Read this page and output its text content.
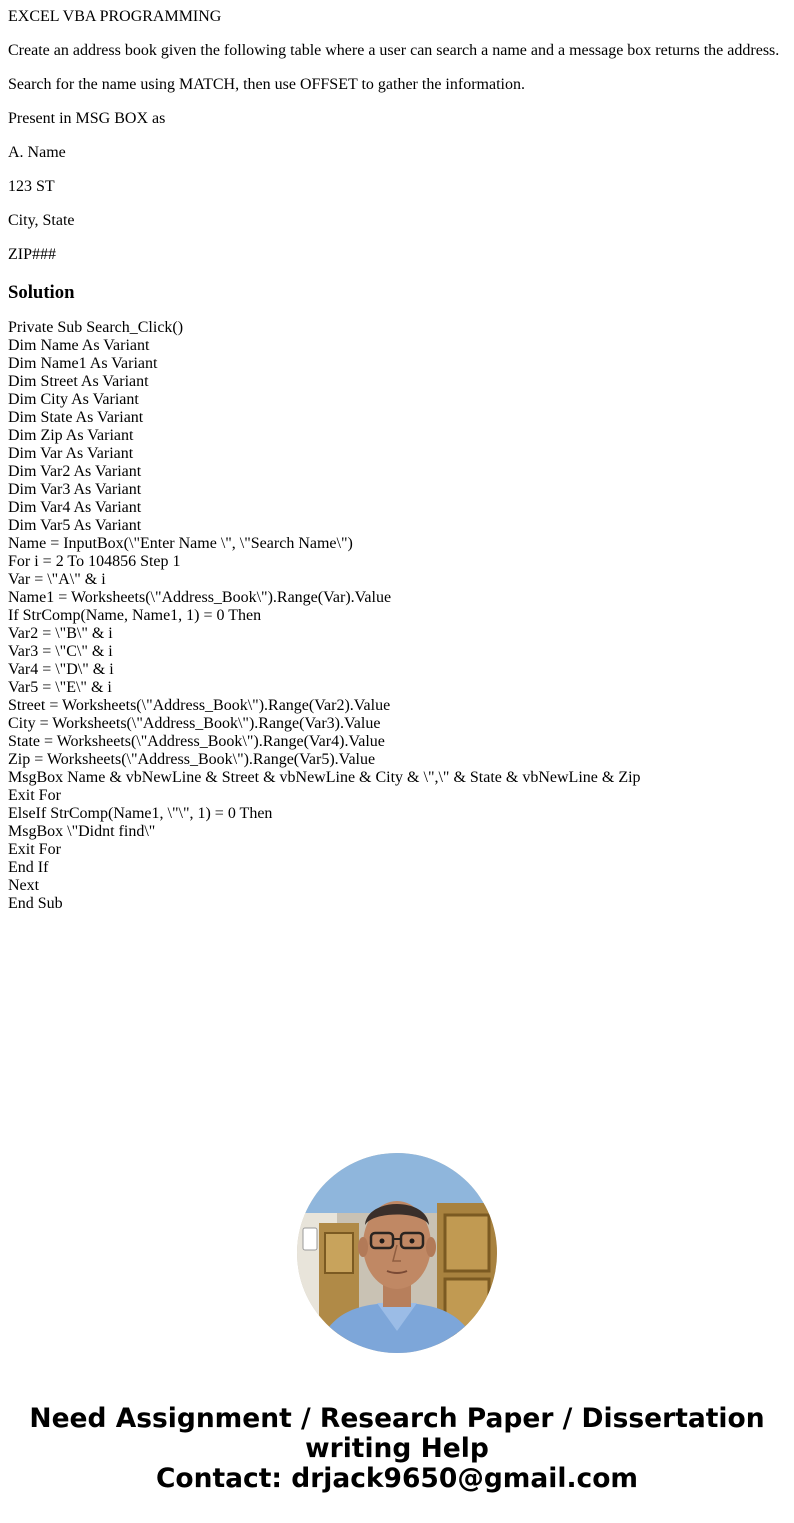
EXCEL VBA PROGRAMMING

Create an address book given the following table where a user can search a name and a message box returns the address.

Search for the name using MATCH, then use OFFSET to gather the information.

Present in MSG BOX as

A. Name

123 ST

City, State

ZIP###

Solution
Private Sub Search_Click()
Dim Name As Variant
Dim Name1 As Variant
Dim Street As Variant
Dim City As Variant
Dim State As Variant
Dim Zip As Variant
Dim Var As Variant
Dim Var2 As Variant
Dim Var3 As Variant
Dim Var4 As Variant
Dim Var5 As Variant
Name = InputBox(\"Enter Name \", \"Search Name\")
For i = 2 To 104856 Step 1
Var = \"A\" & i
Name1 = Worksheets(\"Address_Book\").Range(Var).Value
If StrComp(Name, Name1, 1) = 0 Then
Var2 = \"B\" & i
Var3 = \"C\" & i
Var4 = \"D\" & i
Var5 = \"E\" & i
Street = Worksheets(\"Address_Book\").Range(Var2).Value
City = Worksheets(\"Address_Book\").Range(Var3).Value
State = Worksheets(\"Address_Book\").Range(Var4).Value
Zip = Worksheets(\"Address_Book\").Range(Var5).Value
MsgBox Name & vbNewLine & Street & vbNewLine & City & \",\" & State & vbNewLine & Zip
Exit For
ElseIf StrComp(Name1, \"\", 1) = 0 Then
MsgBox \"Didnt find\"
Exit For
End If
Next
End Sub
Need Assignment / Research Paper / Dissertation
writing Help
Contact: drjack9650@gmail.com
